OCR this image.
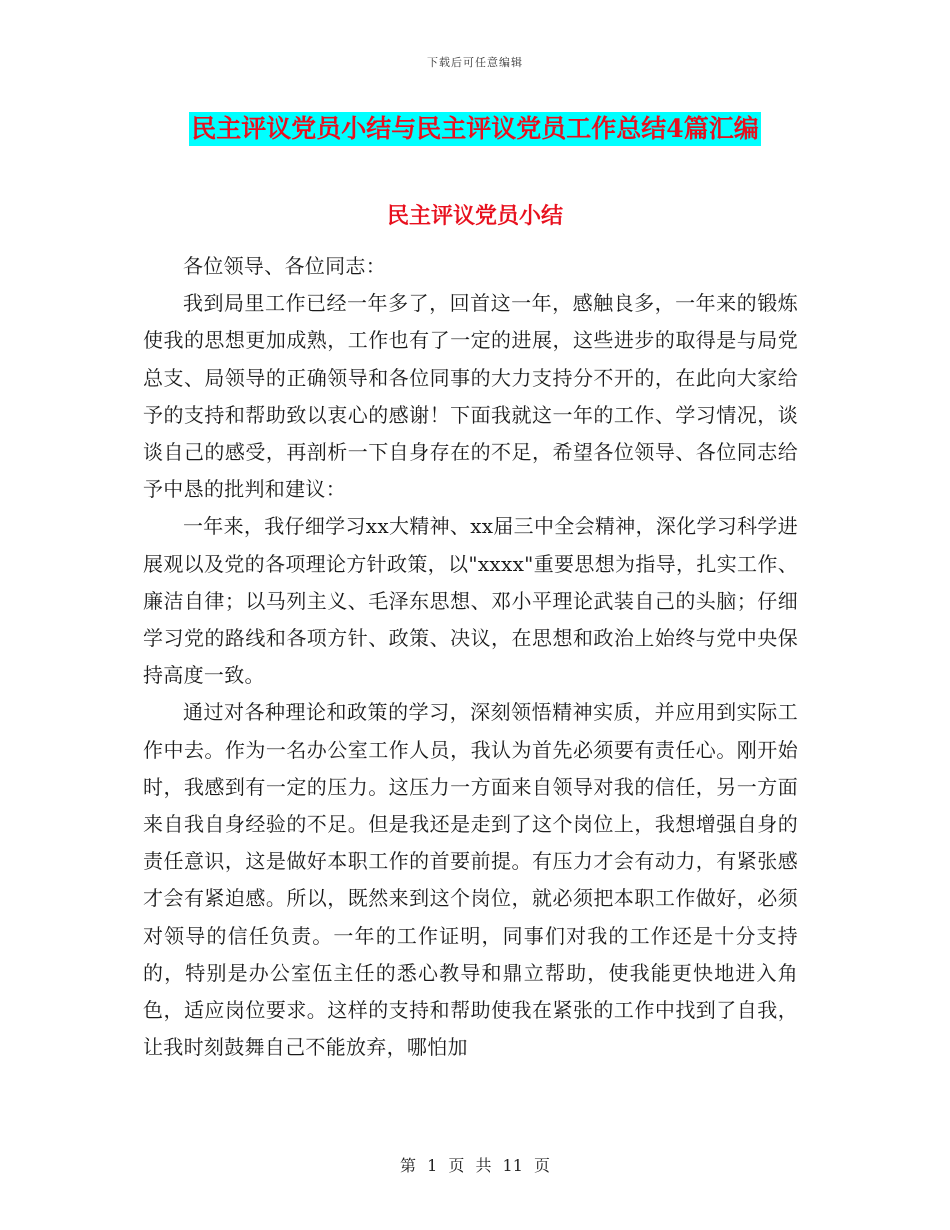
下载后可任意编辑
民主评议党员小结与民主评议党员工作总结4篇汇编
民主评议党员小结

各位领导、各位同志：

我到局里工作已经一年多了，回首这一年，感触良多，一年来的锻炼使我的思想更加成熟，工作也有了一定的进展，这些进步的取得是与局党总支、局领导的正确领导和各位同事的大力支持分不开的，在此向大家给予的支持和帮助致以衷心的感谢！下面我就这一年的工作、学习情况，谈谈自己的感受，再剖析一下自身存在的不足，希望各位领导、各位同志给予中恳的批判和建议：

一年来，我仔细学习xx大精神、xx届三中全会精神，深化学习科学进展观以及党的各项理论方针政策，以"xxxx"重要思想为指导，扎实工作、廉洁自律；以马列主义、毛泽东思想、邓小平理论武装自己的头脑；仔细学习党的路线和各项方针、政策、决议，在思想和政治上始终与党中央保持高度一致。

通过对各种理论和政策的学习，深刻领悟精神实质，并应用到实际工作中去。作为一名办公室工作人员，我认为首先必须要有责任心。刚开始时，我感到有一定的压力。这压力一方面来自领导对我的信任，另一方面来自我自身经验的不足。但是我还是走到了这个岗位上，我想增强自身的责任意识，这是做好本职工作的首要前提。有压力才会有动力，有紧张感才会有紧迫感。所以，既然来到这个岗位，就必须把本职工作做好，必须对领导的信任负责。一年的工作证明，同事们对我的工作还是十分支持的，特别是办公室伍主任的悉心教导和鼎立帮助，使我能更快地进入角色，适应岗位要求。这样的支持和帮助使我在紧张的工作中找到了自我，让我时刻鼓舞自己不能放弃，哪怕加

第 1 页 共 11 页
